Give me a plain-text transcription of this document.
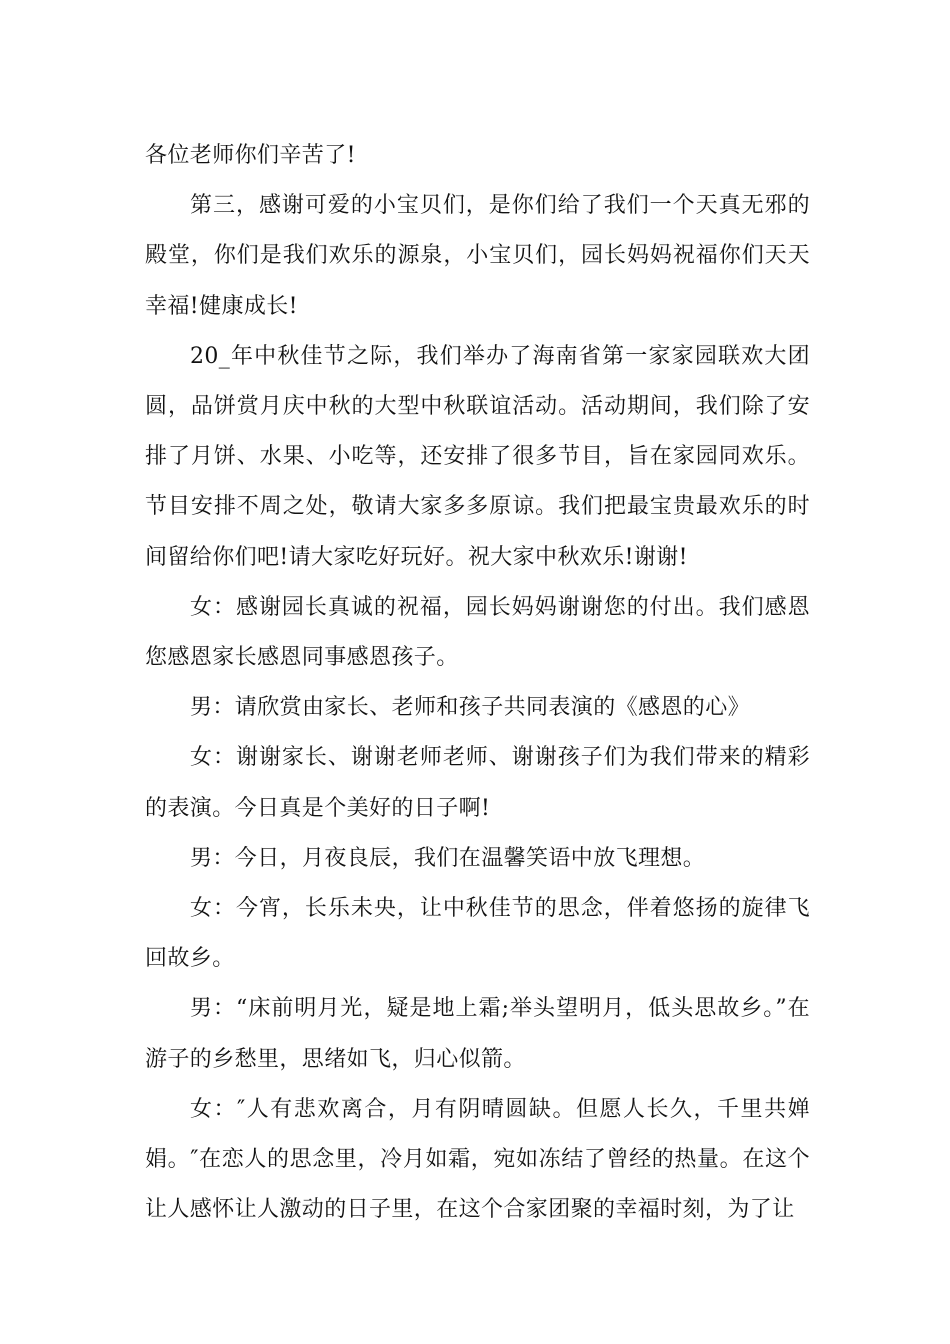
各位老师你们辛苦了!

第三，感谢可爱的小宝贝们，是你们给了我们一个天真无邪的殿堂，你们是我们欢乐的源泉，小宝贝们，园长妈妈祝福你们天天幸福!健康成长!

20_年中秋佳节之际，我们举办了海南省第一家家园联欢大团圆，品饼赏月庆中秋的大型中秋联谊活动。活动期间，我们除了安排了月饼、水果、小吃等，还安排了很多节目，旨在家园同欢乐。节目安排不周之处，敬请大家多多原谅。我们把最宝贵最欢乐的时间留给你们吧!请大家吃好玩好。祝大家中秋欢乐!谢谢!

女：感谢园长真诚的祝福，园长妈妈谢谢您的付出。我们感恩您感恩家长感恩同事感恩孩子。

男：请欣赏由家长、老师和孩子共同表演的《感恩的心》

女：谢谢家长、谢谢老师老师、谢谢孩子们为我们带来的精彩的表演。今日真是个美好的日子啊!

男：今日，月夜良辰，我们在温馨笑语中放飞理想。

女：今宵，长乐未央，让中秋佳节的思念，伴着悠扬的旋律飞回故乡。

男：“床前明月光，疑是地上霜;举头望明月，低头思故乡。”在游子的乡愁里，思绪如飞，归心似箭。

女：″人有悲欢离合，月有阴晴圆缺。但愿人长久，千里共婵娟。″在恋人的思念里，冷月如霜，宛如冻结了曾经的热量。在这个让人感怀让人激动的日子里，在这个合家团聚的幸福时刻，为了让
